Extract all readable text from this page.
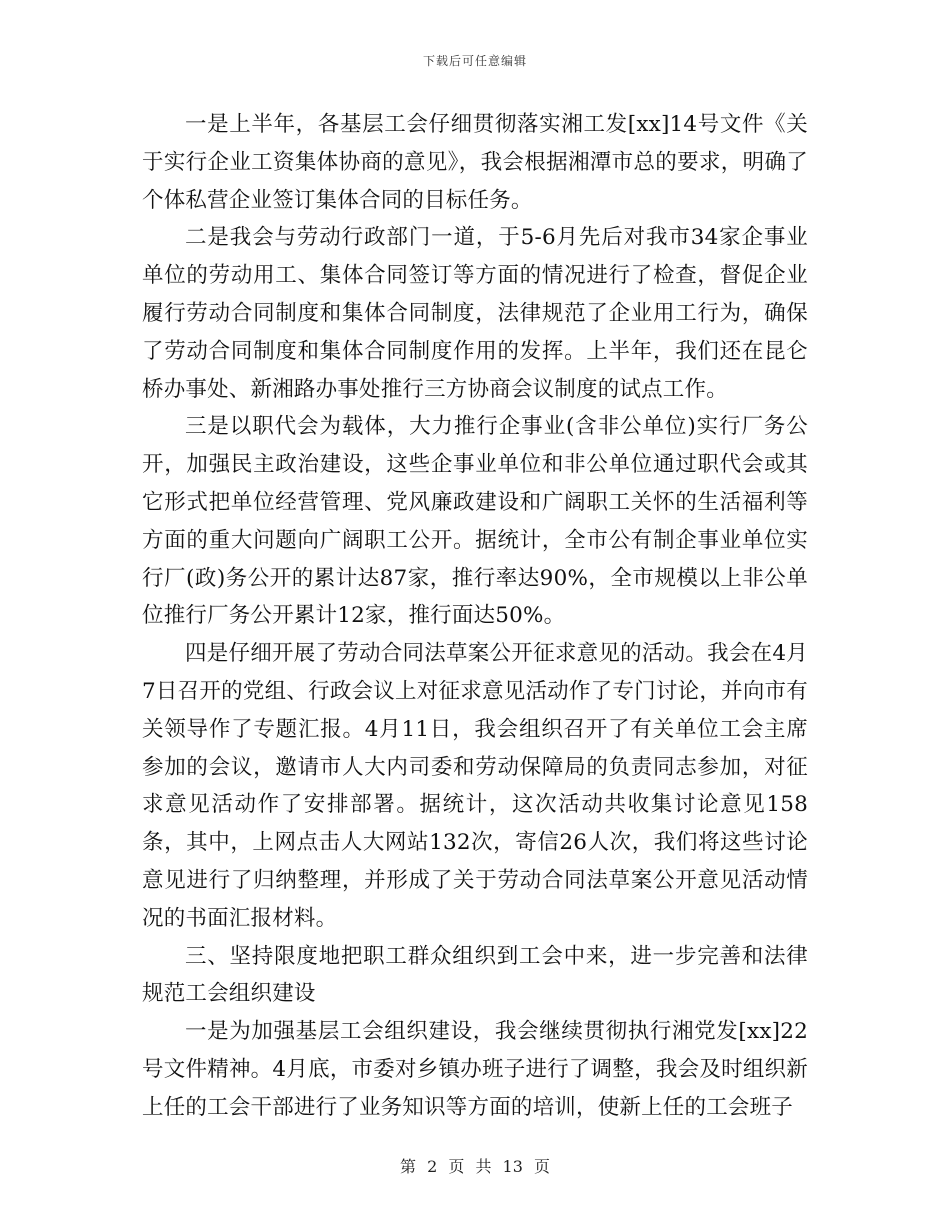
下载后可任意编辑

一是上半年，各基层工会仔细贯彻落实湘工发[xx]14号文件《关于实行企业工资集体协商的意见》，我会根据湘潭市总的要求，明确了个体私营企业签订集体合同的目标任务。

二是我会与劳动行政部门一道，于5-6月先后对我市34家企事业单位的劳动用工、集体合同签订等方面的情况进行了检查，督促企业履行劳动合同制度和集体合同制度，法律规范了企业用工行为，确保了劳动合同制度和集体合同制度作用的发挥。上半年，我们还在昆仑桥办事处、新湘路办事处推行三方协商会议制度的试点工作。

三是以职代会为载体，大力推行企事业(含非公单位)实行厂务公开，加强民主政治建设，这些企事业单位和非公单位通过职代会或其它形式把单位经营管理、党风廉政建设和广阔职工关怀的生活福利等方面的重大问题向广阔职工公开。据统计，全市公有制企事业单位实行厂(政)务公开的累计达87家，推行率达90%，全市规模以上非公单位推行厂务公开累计12家，推行面达50%。

四是仔细开展了劳动合同法草案公开征求意见的活动。我会在4月7日召开的党组、行政会议上对征求意见活动作了专门讨论，并向市有关领导作了专题汇报。4月11日，我会组织召开了有关单位工会主席参加的会议，邀请市人大内司委和劳动保障局的负责同志参加，对征求意见活动作了安排部署。据统计，这次活动共收集讨论意见158条，其中，上网点击人大网站132次，寄信26人次，我们将这些讨论意见进行了归纳整理，并形成了关于劳动合同法草案公开意见活动情况的书面汇报材料。

三、坚持限度地把职工群众组织到工会中来，进一步完善和法律规范工会组织建设

一是为加强基层工会组织建设，我会继续贯彻执行湘党发[xx]22号文件精神。4月底，市委对乡镇办班子进行了调整，我会及时组织新上任的工会干部进行了业务知识等方面的培训，使新上任的工会班子

第 2 页 共 13 页
